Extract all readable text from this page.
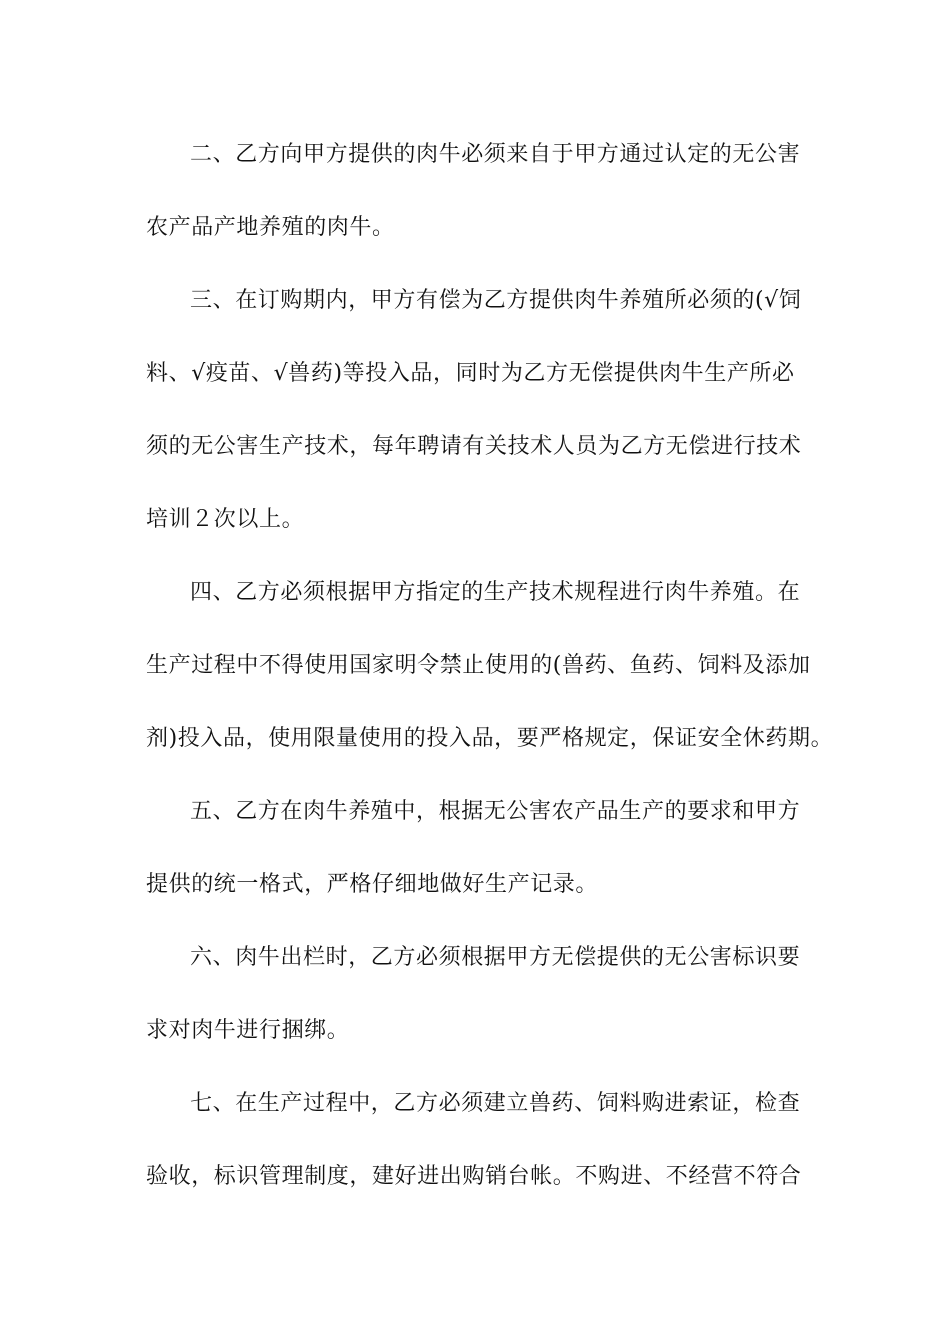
二、乙方向甲方提供的肉牛必须来自于甲方通过认定的无公害
农产品产地养殖的肉牛。
三、在订购期内，甲方有偿为乙方提供肉牛养殖所必须的(√饲
料、√疫苗、√兽药)等投入品，同时为乙方无偿提供肉牛生产所必
须的无公害生产技术，每年聘请有关技术人员为乙方无偿进行技术
培训２次以上。
四、乙方必须根据甲方指定的生产技术规程进行肉牛养殖。在
生产过程中不得使用国家明令禁止使用的(兽药、鱼药、饲料及添加
剂)投入品，使用限量使用的投入品，要严格规定，保证安全休药期。
五、乙方在肉牛养殖中，根据无公害农产品生产的要求和甲方
提供的统一格式，严格仔细地做好生产记录。
六、肉牛出栏时，乙方必须根据甲方无偿提供的无公害标识要
求对肉牛进行捆绑。
七、在生产过程中，乙方必须建立兽药、饲料购进索证，检查
验收，标识管理制度，建好进出购销台帐。不购进、不经营不符合
